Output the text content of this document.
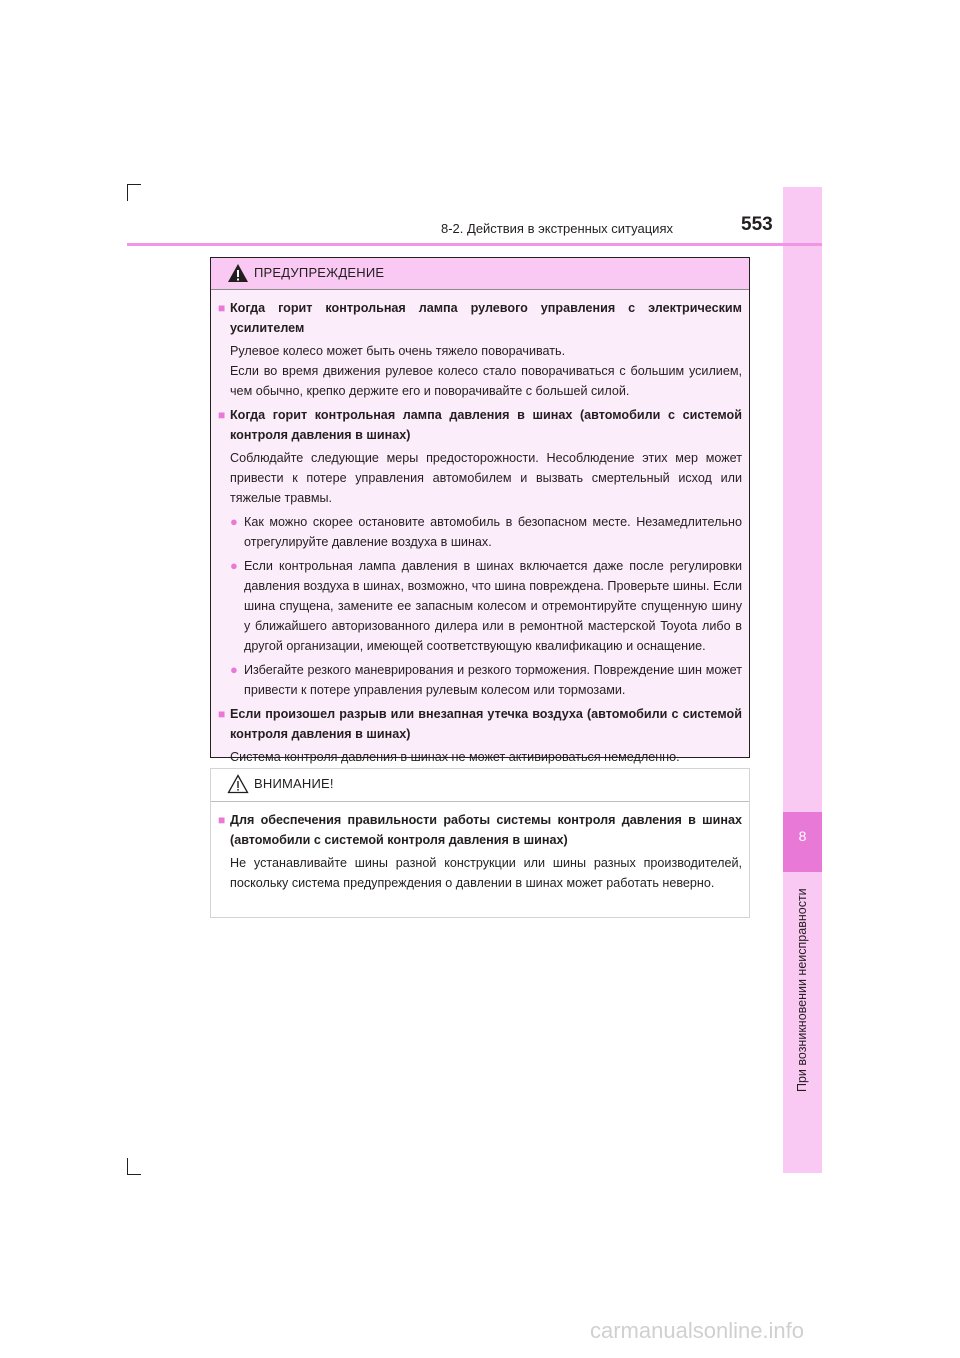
8
При возникновении неисправности
8-2. Действия в экстренных ситуациях	553
ПРЕДУПРЕЖДЕНИЕ
■ Когда горит контрольная лампа рулевого управления с электрическим усилителем
Рулевое колесо может быть очень тяжело поворачивать.
Если во время движения рулевое колесо стало поворачиваться с большим усилием, чем обычно, крепко держите его и поворачивайте с большей силой.
■ Когда горит контрольная лампа давления в шинах (автомобили с системой контроля давления в шинах)
Соблюдайте следующие меры предосторожности. Несоблюдение этих мер может привести к потере управления автомобилем и вызвать смертельный исход или тяжелые травмы.
● Как можно скорее остановите автомобиль в безопасном месте. Незамедлительно отрегулируйте давление воздуха в шинах.
● Если контрольная лампа давления в шинах включается даже после регулировки давления воздуха в шинах, возможно, что шина повреждена. Проверьте шины. Если шина спущена, замените ее запасным колесом и отремонтируйте спущенную шину у ближайшего авторизованного дилера или в ремонтной мастерской Toyota либо в другой организации, имеющей соответствующую квалификацию и оснащение.
● Избегайте резкого маневрирования и резкого торможения. Повреждение шин может привести к потере управления рулевым колесом или тормозами.
■ Если произошел разрыв или внезапная утечка воздуха (автомобили с системой контроля давления в шинах)
Система контроля давления в шинах не может активироваться немедленно.
ВНИМАНИЕ!
■ Для обеспечения правильности работы системы контроля давления в шинах (автомобили с системой контроля давления в шинах)
Не устанавливайте шины разной конструкции или шины разных производителей, поскольку система предупреждения о давлении в шинах может работать неверно.
carmanualsonline.info
